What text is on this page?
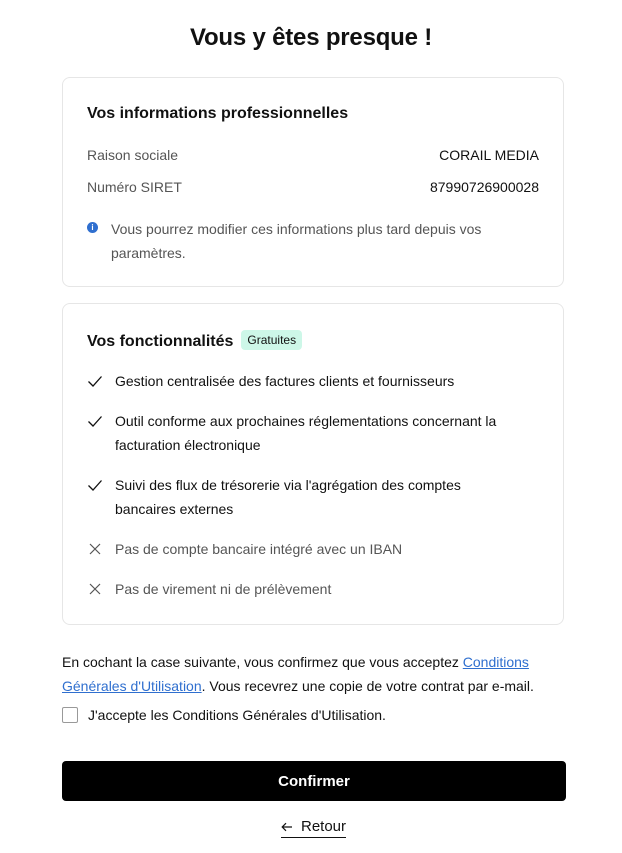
Vous y êtes presque !
Vos informations professionnelles
Raison sociale	CORAIL MEDIA
Numéro SIRET	87990726900028
i	Vous pourrez modifier ces informations plus tard depuis vos paramètres.
Vos fonctionnalités Gratuites
Gestion centralisée des factures clients et fournisseurs
Outil conforme aux prochaines réglementations concernant la facturation électronique
Suivi des flux de trésorerie via l'agrégation des comptes bancaires externes
Pas de compte bancaire intégré avec un IBAN
Pas de virement ni de prélèvement
En cochant la case suivante, vous confirmez que vous acceptez Conditions Générales d'Utilisation. Vous recevrez une copie de votre contrat par e-mail.
J'accepte les Conditions Générales d'Utilisation.
Confirmer
Retour
